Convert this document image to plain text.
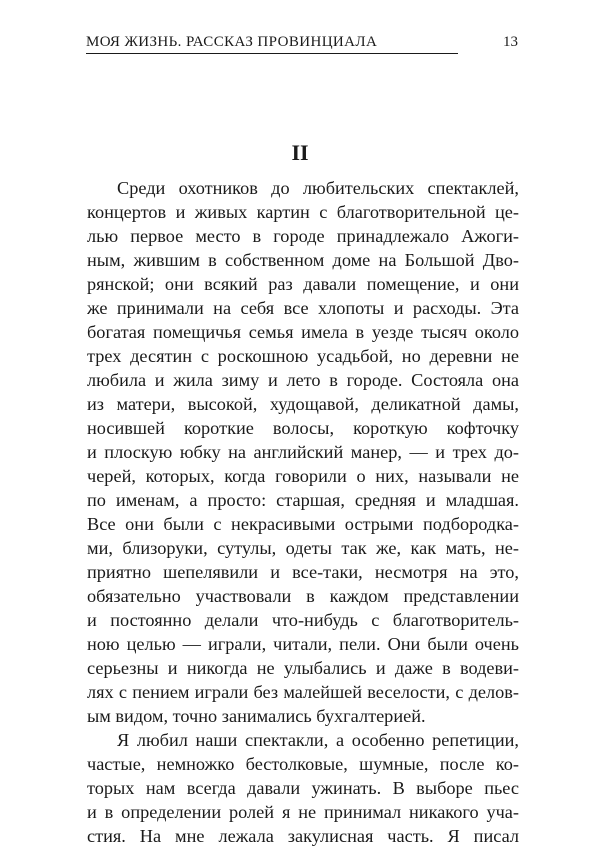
МОЯ ЖИЗНЬ. РАССКАЗ ПРОВИНЦИАЛА	13
II
Среди охотников до любительских спектаклей,
концертов и живых картин с благотворительной це-
лью первое место в городе принадлежало Ажоги-
ным, жившим в собственном доме на Большой Дво-
рянской; они всякий раз давали помещение, и они
же принимали на себя все хлопоты и расходы. Эта
богатая помещичья семья имела в уезде тысяч около
трех десятин с роскошною усадьбой, но деревни не
любила и жила зиму и лето в городе. Состояла она
из матери, высокой, худощавой, деликатной дамы,
носившей короткие волосы, короткую кофточку
и плоскую юбку на английский манер, — и трех до-
черей, которых, когда говорили о них, называли не
по именам, а просто: старшая, средняя и младшая.
Все они были с некрасивыми острыми подбородка-
ми, близоруки, сутулы, одеты так же, как мать, не-
приятно шепелявили и все-таки, несмотря на это,
обязательно участвовали в каждом представлении
и постоянно делали что-нибудь с благотворитель-
ною целью — играли, читали, пели. Они были очень
серьезны и никогда не улыбались и даже в водеви-
лях с пением играли без малейшей веселости, с делов-
ым видом, точно занимались бухгалтерией.
Я любил наши спектакли, а особенно репетиции,
частые, немножко бестолковые, шумные, после ко-
торых нам всегда давали ужинать. В выборе пьес
и в определении ролей я не принимал никакого уча-
стия. На мне лежала закулисная часть. Я писал
